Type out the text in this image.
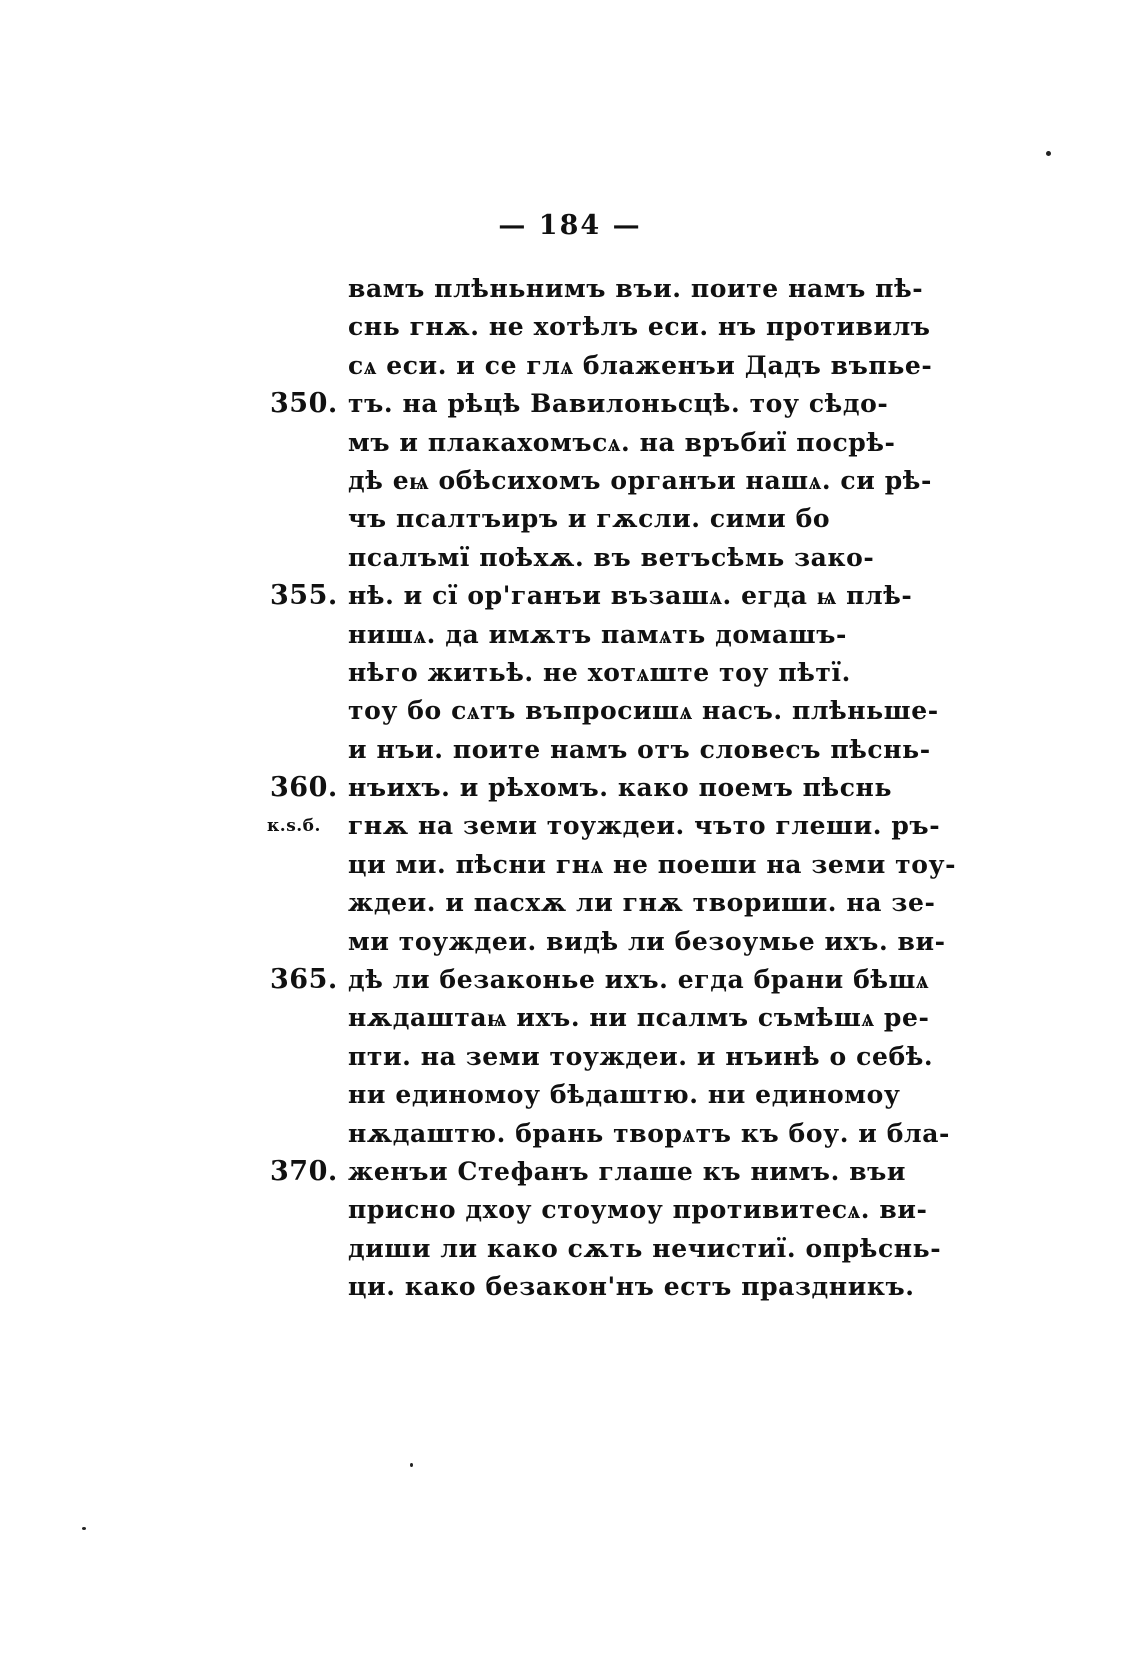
— 184 —
вамъ плѣньнимъ въи. поите намъ пѣ-
снь гнѫ. не хотѣлъ еси. нъ противилъ
сѧ еси. и се глѧ блаженъи Дадъ въпье-
350. тъ. на рѣцѣ Вавилоньсцѣ. тоу сѣдо-
мъ и плакахомъсѧ. на връбиї посрѣ-
дѣ еѩ обѣсихомъ органъи нашѧ. си рѣ-
чъ псалтъиръ и гѫсли. сими бо
псалъмї поѣхѫ. въ ветъсѣмь зако-
355. нѣ. и сї ор'ганъи възашѧ. егда ѩ плѣ-
нишѧ. да имѫтъ памѧть домашъ-
нѣго житьѣ. не хотѧште тоу пѣтї.
тоу бо сѧтъ въпросишѧ насъ. плѣньше-
и нъи. поите намъ отъ словесъ пѣснь-
360. нъихъ. и рѣхомъ. како поемъ пѣснь
к.ѕ.б.	гнѫ на земи тоуждеи. чъто глеши. ръ-
ци ми. пѣсни гнѧ не поеши на земи тоу-
ждеи. и пасхѫ ли гнѫ твориши. на зе-
ми тоуждеи. видѣ ли безоумье ихъ. ви-
365. дѣ ли безаконье ихъ. егда брани бѣшѧ
нѫдаштаѩ ихъ. ни псалмъ съмѣшѧ ре-
пти. на земи тоуждеи. и нъинѣ о себѣ.
ни единомоу бѣдаштю. ни единомоу
нѫдаштю. брань творѧтъ къ боу. и бла-
370. женъи Стефанъ глаше къ нимъ. въи
присно дхоу стоумоу противитесѧ. ви-
диши ли како сѫть нечистиї. опрѣснь-
ци. како безакон'нъ естъ праздникъ.
